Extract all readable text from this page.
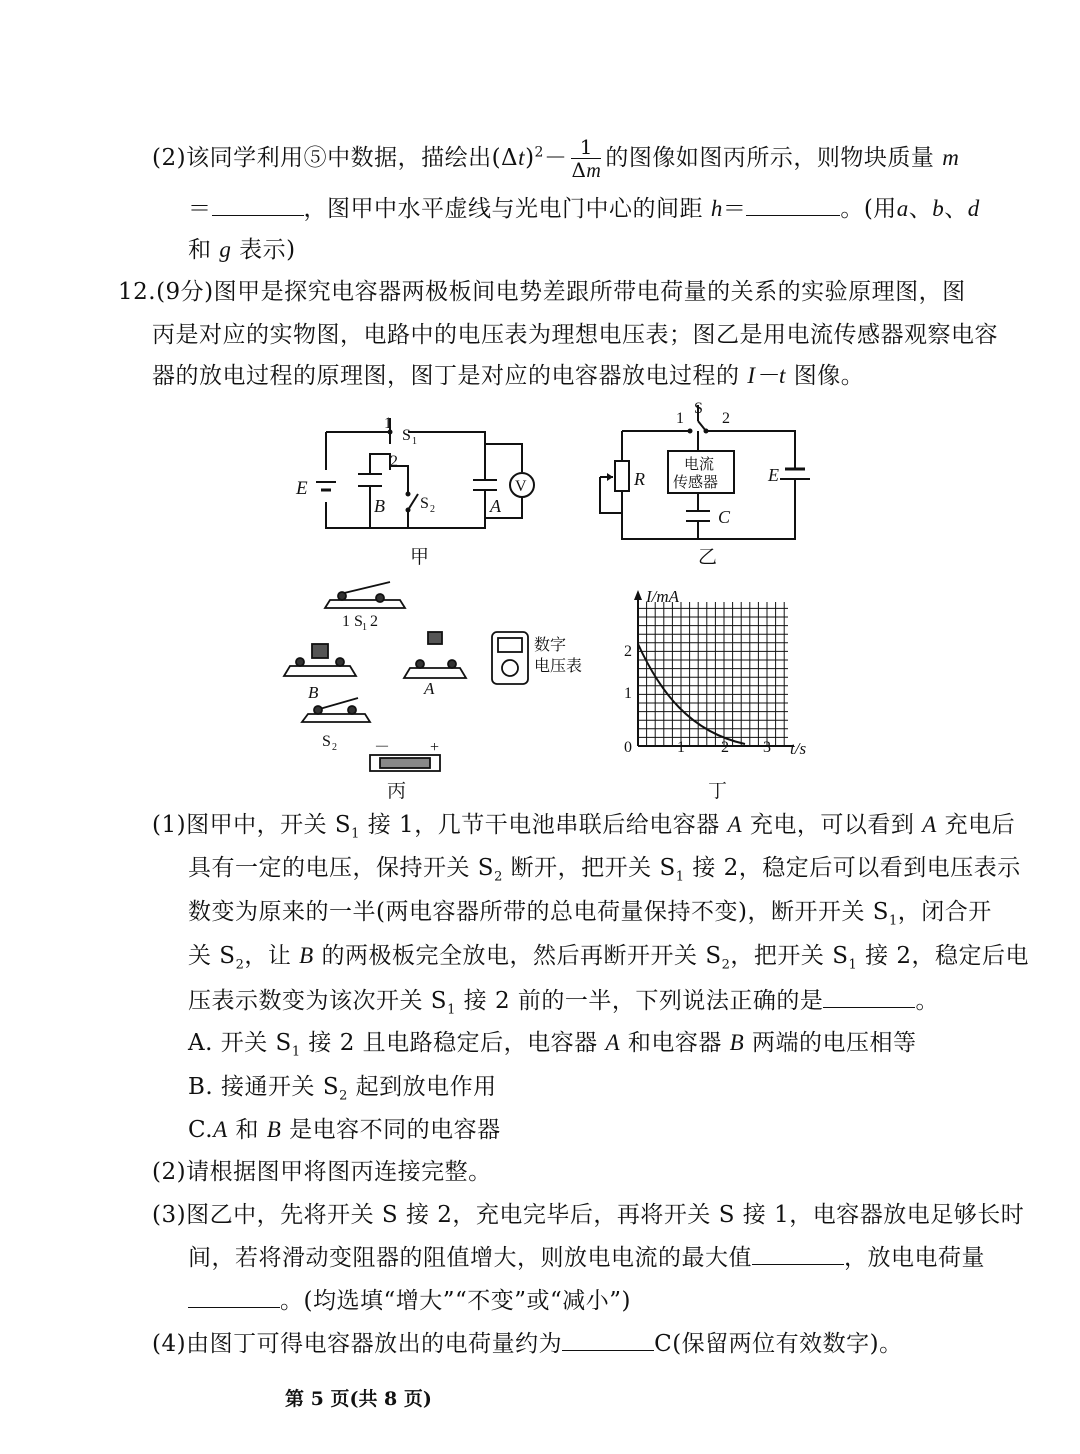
(2)该同学利用⑤中数据，描绘出$(\Delta t)^2- \frac{1}{\Delta m}$ 的图像如图丙所示，则物块质量 m
＝	，图甲中水平虚线与光电门中心的间距 h＝	。(用a、b、d
和 g 表示)
12.(9分)图甲是探究电容器两极板间电势差跟所带电荷量的关系的实验原理图，图
丙是对应的实物图，电路中的电压表为理想电压表；图乙是用电流传感器观察电容
器的放电过程的原理图，图丁是对应的电容器放电过程的 I－t 图像。
E
B	A
V
1
S 1
2
S 2
甲
S
1 2
R
电流
传感器
C
E
乙
1 S 1 2
B	A
S 2
数字
电压表
－ +
丙
I/mA
t/s
0
1
2
1 2 3
丁
(1)图甲中，开关 $S_1$ 接 1，几节干电池串联后给电容器 A 充电，可以看到 A 充电后
具有一定的电压，保持开关 $S_2$ 断开，把开关 $S_1$ 接 2，稳定后可以看到电压表示
数变为原来的一半(两电容器所带的总电荷量保持不变)，断开开关 $S_1$，闭合开
关 $S_2$，让 B 的两极板完全放电，然后再断开开关 $S_2$，把开关 $S_1$ 接 2，稳定后电
压表示数变为该次开关 $S_1$ 接 2 前的一半，下列说法正确的是	。
A. 开关 $S_1$ 接 2 且电路稳定后，电容器 A 和电容器 B 两端的电压相等
B. 接通开关 $S_2$ 起到放电作用
C.A 和 B 是电容不同的电容器
(2)请根据图甲将图丙连接完整。
(3)图乙中，先将开关 S 接 2，充电完毕后，再将开关 S 接 1，电容器放电足够长时
间，若将滑动变阻器的阻值增大，则放电电流的最大值	，放电电荷量
。(均选填“增大”“不变”或“减小”)
(4)由图丁可得电容器放出的电荷量约为	C(保留两位有效数字)。
第 5 页(共 8 页)
